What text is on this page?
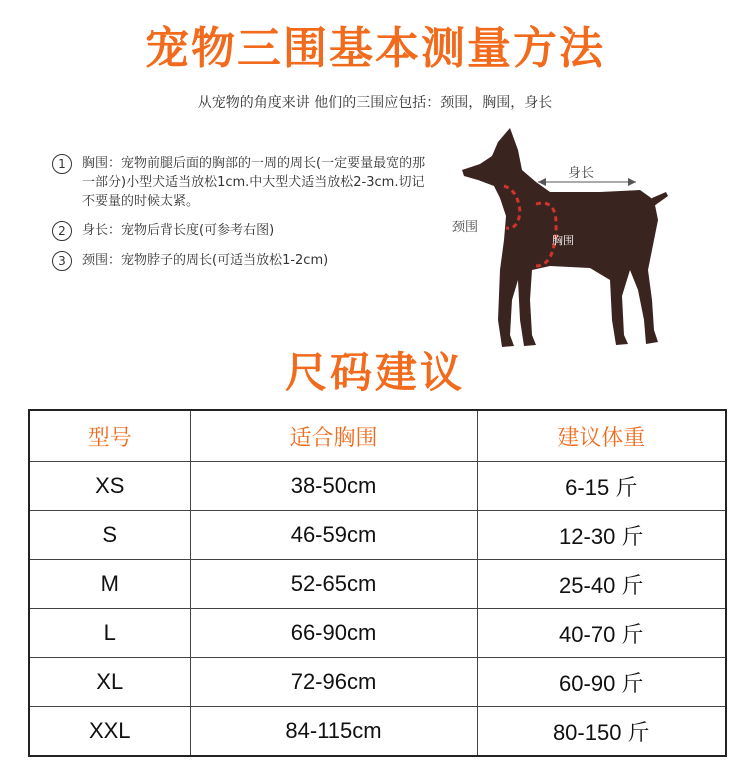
宠物三围基本测量方法
从宠物的角度来讲 他们的三围应包括：颈围，胸围，身长
1	胸围：宠物前腿后面的胸部的一周的周长(一定要量最宽的那一部分)小型犬适当放松1cm.中大型犬适当放松2-3cm.切记不要量的时候太紧。
2	身长：宠物后背长度(可参考右图)
3	颈围：宠物脖子的周长(可适当放松1-2cm)
身长
颈围
胸围
尺码建议
型号	适合胸围	建议体重
XS	38-50cm	6-15 斤
S	46-59cm	12-30 斤
M	52-65cm	25-40 斤
L	66-90cm	40-70 斤
XL	72-96cm	60-90 斤
XXL	84-115cm	80-150 斤
